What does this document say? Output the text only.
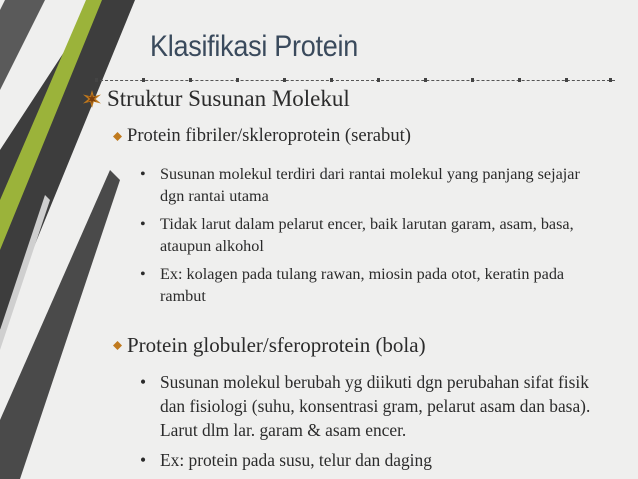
Klasifikasi Protein
Struktur Susunan Molekul
Protein fibriler/skleroprotein (serabut)
• Susunan molekul terdiri dari rantai molekul yang panjang sejajar dgn rantai utama
• Tidak larut dalam pelarut encer, baik larutan garam, asam, basa, ataupun alkohol
• Ex: kolagen pada tulang rawan, miosin pada otot, keratin pada rambut
Protein globuler/sferoprotein (bola)
• Susunan molekul berubah yg diikuti dgn perubahan sifat fisik dan fisiologi (suhu, konsentrasi gram, pelarut asam dan basa). Larut dlm lar. garam & asam encer.
• Ex: protein pada susu, telur dan daging
